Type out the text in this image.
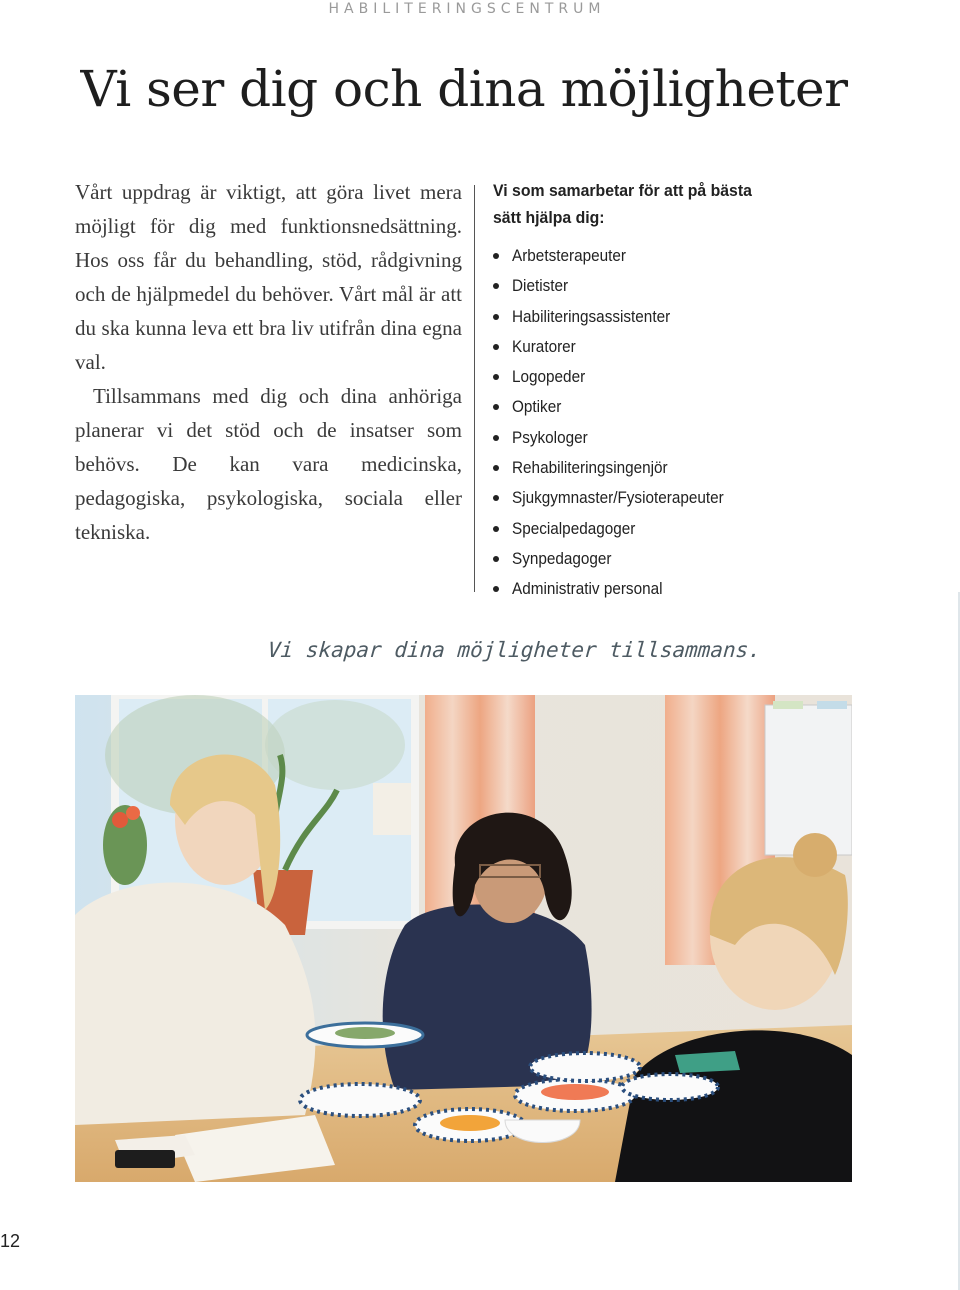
HABILITERINGSCENTRUM
Vi ser dig och dina möjligheter

Vårt uppdrag är viktigt, att göra livet mera möjligt för dig med funktionsnedsättning. Hos oss får du behandling, stöd, rådgivning och de hjälpmedel du behöver. Vårt mål är att du ska kunna leva ett bra liv utifrån dina egna val.

Tillsammans med dig och dina anhöriga planerar vi det stöd och de insatser som behövs. De kan vara medicinska, pedagogiska, psykologiska, sociala eller tekniska.

Vi som samarbetar för att på bästa sätt hjälpa dig:
Arbetsterapeuter
Dietister
Habiliteringsassistenter
Kuratorer
Logopeder
Optiker
Psykologer
Rehabiliteringsingenjör
Sjukgymnaster/Fysioterapeuter
Specialpedagoger
Synpedagoger
Administrativ personal
Vi skapar dina möjligheter tillsammans.
12
